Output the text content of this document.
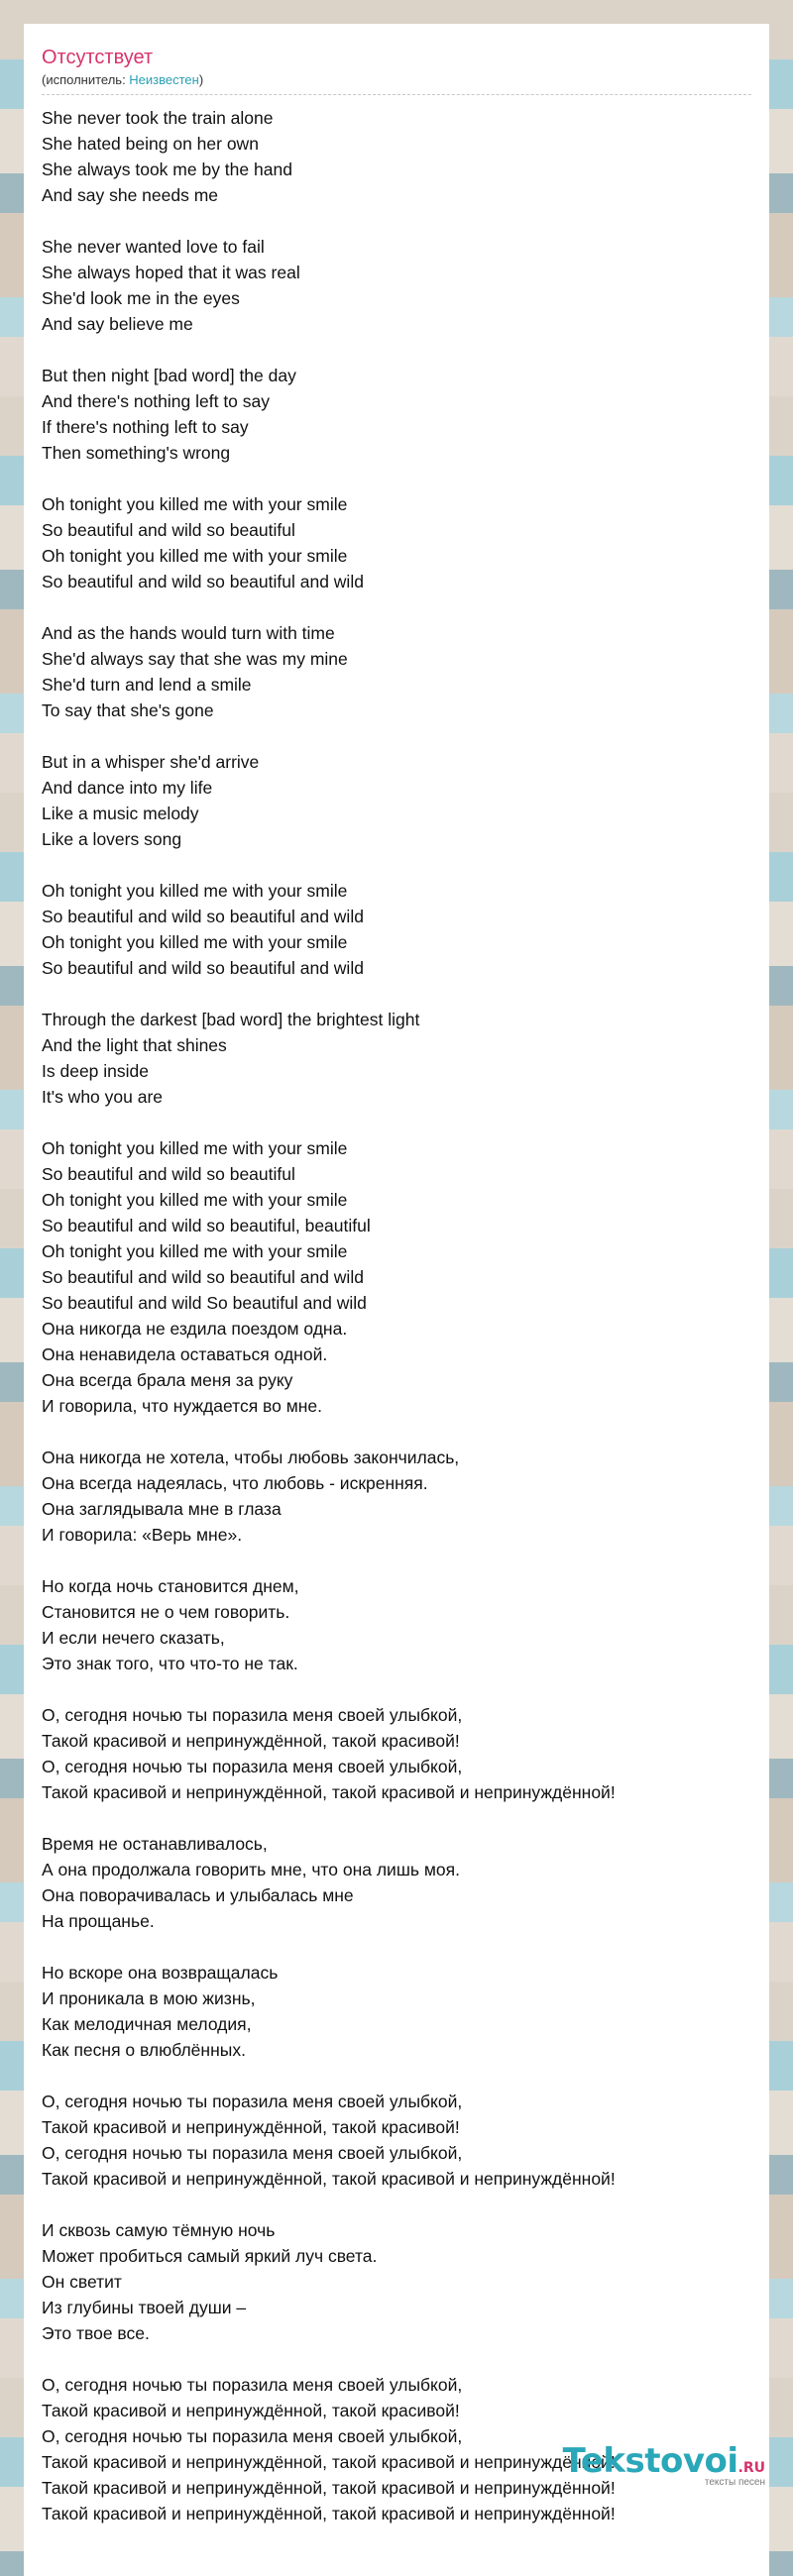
Отсутствует
(исполнитель: Неизвестен)
She never took the train alone
She hated being on her own
She always took me by the hand
And say she needs me
She never wanted love to fail
She always hoped that it was real
She'd look me in the eyes
And say believe me
But then night [bad word] the day
And there's nothing left to say
If there's nothing left to say
Then something's wrong
Oh tonight you killed me with your smile
So beautiful and wild so beautiful
Oh tonight you killed me with your smile
So beautiful and wild so beautiful and wild
And as the hands would turn with time
She'd always say that she was my mine
She'd turn and lend a smile
To say that she's gone
But in a whisper she'd arrive
And dance into my life
Like a music melody
Like a lovers song
Oh tonight you killed me with your smile
So beautiful and wild so beautiful and wild
Oh tonight you killed me with your smile
So beautiful and wild so beautiful and wild
Through the darkest [bad word] the brightest light
And the light that shines
Is deep inside
It's who you are
Oh tonight you killed me with your smile
So beautiful and wild so beautiful
Oh tonight you killed me with your smile
So beautiful and wild so beautiful, beautiful
Oh tonight you killed me with your smile
So beautiful and wild so beautiful and wild
So beautiful and wild So beautiful and wild
Она никогда не ездила поездом одна.
Она ненавидела оставаться одной.
Она всегда брала меня за руку
И говорила, что нуждается во мне.
Она никогда не хотела, чтобы любовь закончилась,
Она всегда надеялась, что любовь - искренняя.
Она заглядывала мне в глаза
И говорила: «Верь мне».
Но когда ночь становится днем,
Становится не о чем говорить.
И если нечего сказать,
Это знак того, что что-то не так.
О, сегодня ночью ты поразила меня своей улыбкой,
Такой красивой и непринуждённой, такой красивой!
О, сегодня ночью ты поразила меня своей улыбкой,
Такой красивой и непринуждённой, такой красивой и непринуждённой!
Время не останавливалось,
А она продолжала говорить мне, что она лишь моя.
Она поворачивалась и улыбалась мне
На прощанье.
Но вскоре она возвращалась
И проникала в мою жизнь,
Как мелодичная мелодия,
Как песня о влюблённых.
О, сегодня ночью ты поразила меня своей улыбкой,
Такой красивой и непринуждённой, такой красивой!
О, сегодня ночью ты поразила меня своей улыбкой,
Такой красивой и непринуждённой, такой красивой и непринуждённой!
И сквозь самую тёмную ночь
Может пробиться самый яркий луч света.
Он светит
Из глубины твоей души –
Это твое все.
О, сегодня ночью ты поразила меня своей улыбкой,
Такой красивой и непринуждённой, такой красивой!
О, сегодня ночью ты поразила меня своей улыбкой,
Такой красивой и непринуждённой, такой красивой и непринуждённой!
Такой красивой и непринуждённой, такой красивой и непринуждённой!
Такой красивой и непринуждённой, такой красивой и непринуждённой!
Tekstovoi.RU
тексты песен
